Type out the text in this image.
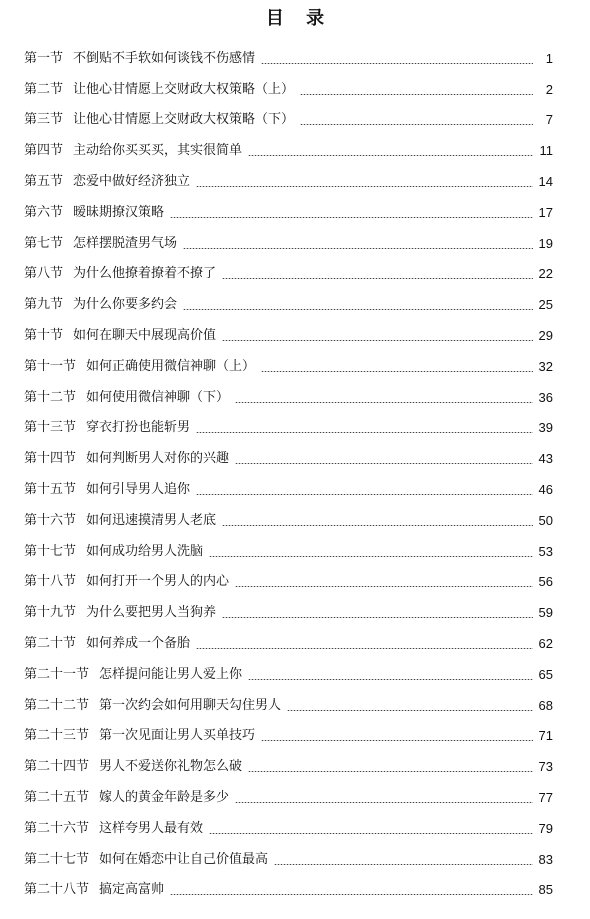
目 录
第一节 不倒贴不手软如何谈钱不伤感情	1
第二节 让他心甘情愿上交财政大权策略（上）	2
第三节 让他心甘情愿上交财政大权策略（下）	7
第四节 主动给你买买买，其实很简单	11
第五节 恋爱中做好经济独立	14
第六节 暧昧期撩汉策略	17
第七节 怎样摆脱渣男气场	19
第八节 为什么他撩着撩着不撩了	22
第九节 为什么你要多约会	25
第十节 如何在聊天中展现高价值	29
第十一节 如何正确使用微信神聊（上）	32
第十二节 如何使用微信神聊（下）	36
第十三节 穿衣打扮也能斩男	39
第十四节 如何判断男人对你的兴趣	43
第十五节 如何引导男人追你	46
第十六节 如何迅速摸清男人老底	50
第十七节 如何成功给男人洗脑	53
第十八节 如何打开一个男人的内心	56
第十九节 为什么要把男人当狗养	59
第二十节 如何养成一个备胎	62
第二十一节 怎样提问能让男人爱上你	65
第二十二节 第一次约会如何用聊天勾住男人	68
第二十三节 第一次见面让男人买单技巧	71
第二十四节 男人不爱送你礼物怎么破	73
第二十五节 嫁人的黄金年龄是多少	77
第二十六节 这样夸男人最有效	79
第二十七节 如何在婚恋中让自己价值最高	83
第二十八节 搞定高富帅	85
